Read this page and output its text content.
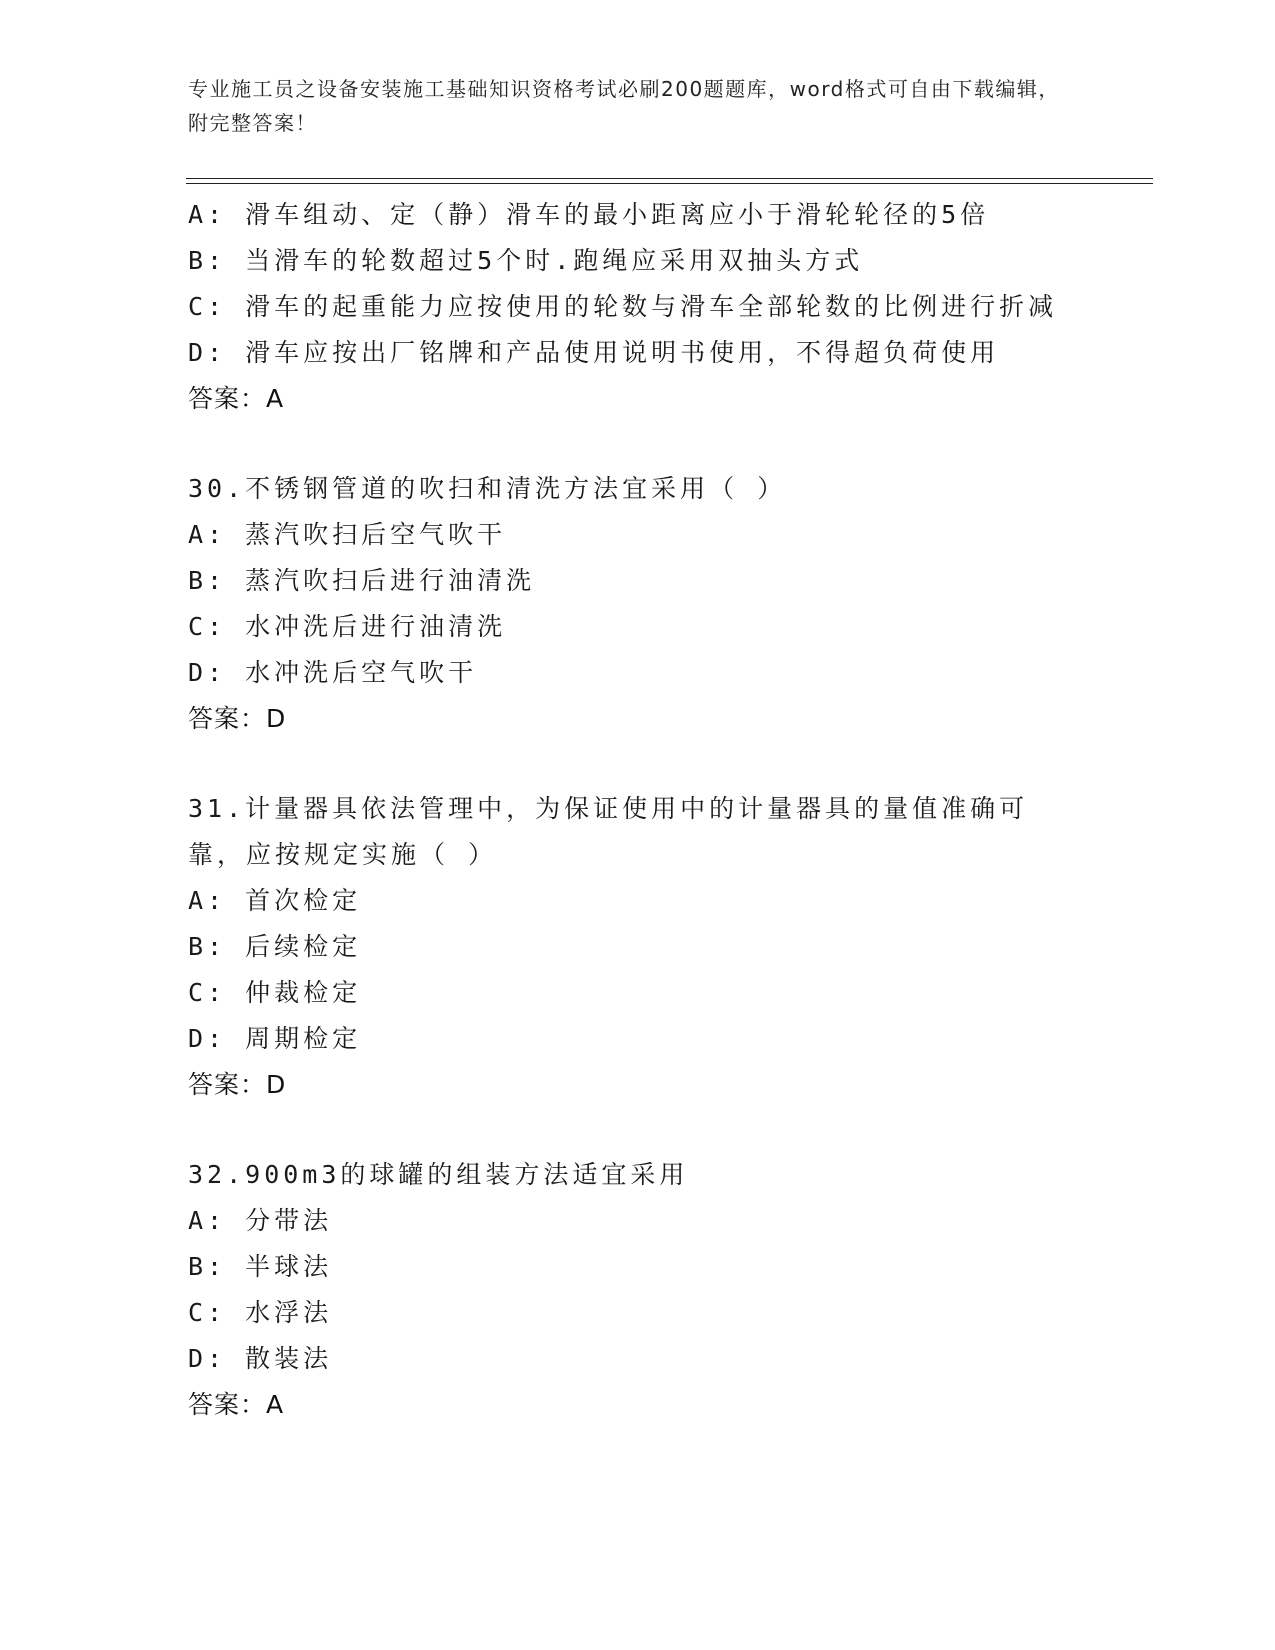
专业施工员之设备安装施工基础知识资格考试必刷200题题库，word格式可自由下载编辑，附完整答案！
A: 滑车组动、定（静）滑车的最小距离应小于滑轮轮径的5倍
B: 当滑车的轮数超过5个时.跑绳应采用双抽头方式
C: 滑车的起重能力应按使用的轮数与滑车全部轮数的比例进行折减
D: 滑车应按出厂铭牌和产品使用说明书使用，不得超负荷使用
答案：A
30.不锈钢管道的吹扫和清洗方法宜采用（ ）
A: 蒸汽吹扫后空气吹干
B: 蒸汽吹扫后进行油清洗
C: 水冲洗后进行油清洗
D: 水冲洗后空气吹干
答案：D
31.计量器具依法管理中，为保证使用中的计量器具的量值准确可靠，应按规定实施（ ）
A: 首次检定
B: 后续检定
C: 仲裁检定
D: 周期检定
答案：D
32.900m3的球罐的组装方法适宜采用
A: 分带法
B: 半球法
C: 水浮法
D: 散装法
答案：A
